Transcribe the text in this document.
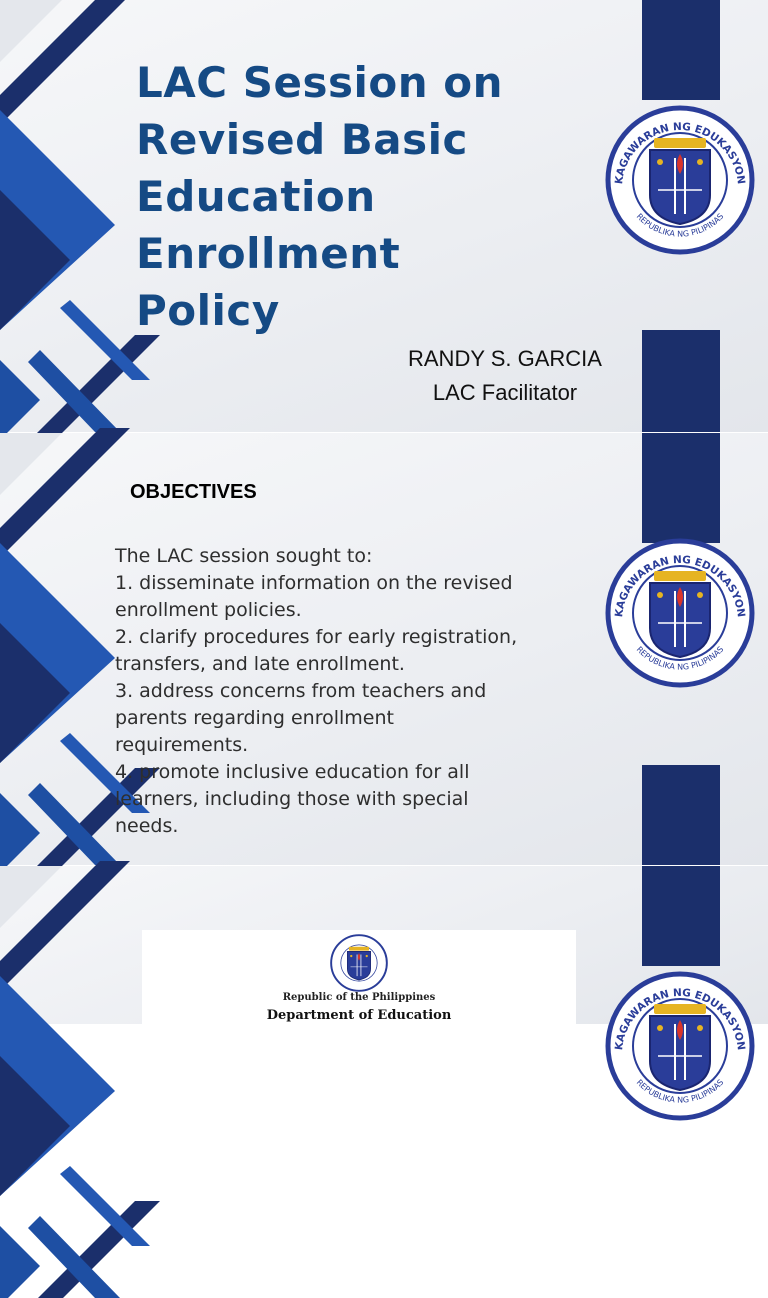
KAGAWARAN NG EDUKASYON
REPUBLIKA NG PILIPINAS
LAC Session on
Revised Basic
Education
Enrollment
Policy
RANDY S. GARCIA
LAC Facilitator
KAGAWARAN NG EDUKASYON
REPUBLIKA NG PILIPINAS
OBJECTIVES
The LAC session sought to:
1. disseminate information on the revised
enrollment policies.
2. clarify procedures for early registration,
transfers, and late enrollment.
3. address concerns from teachers and
parents regarding enrollment
requirements.
4. promote inclusive education for all
learners, including those with special
needs.
KAGAWARAN NG EDUKASYON
REPUBLIKA NG PILIPINAS
Republic of the Philippines
Department of Education
